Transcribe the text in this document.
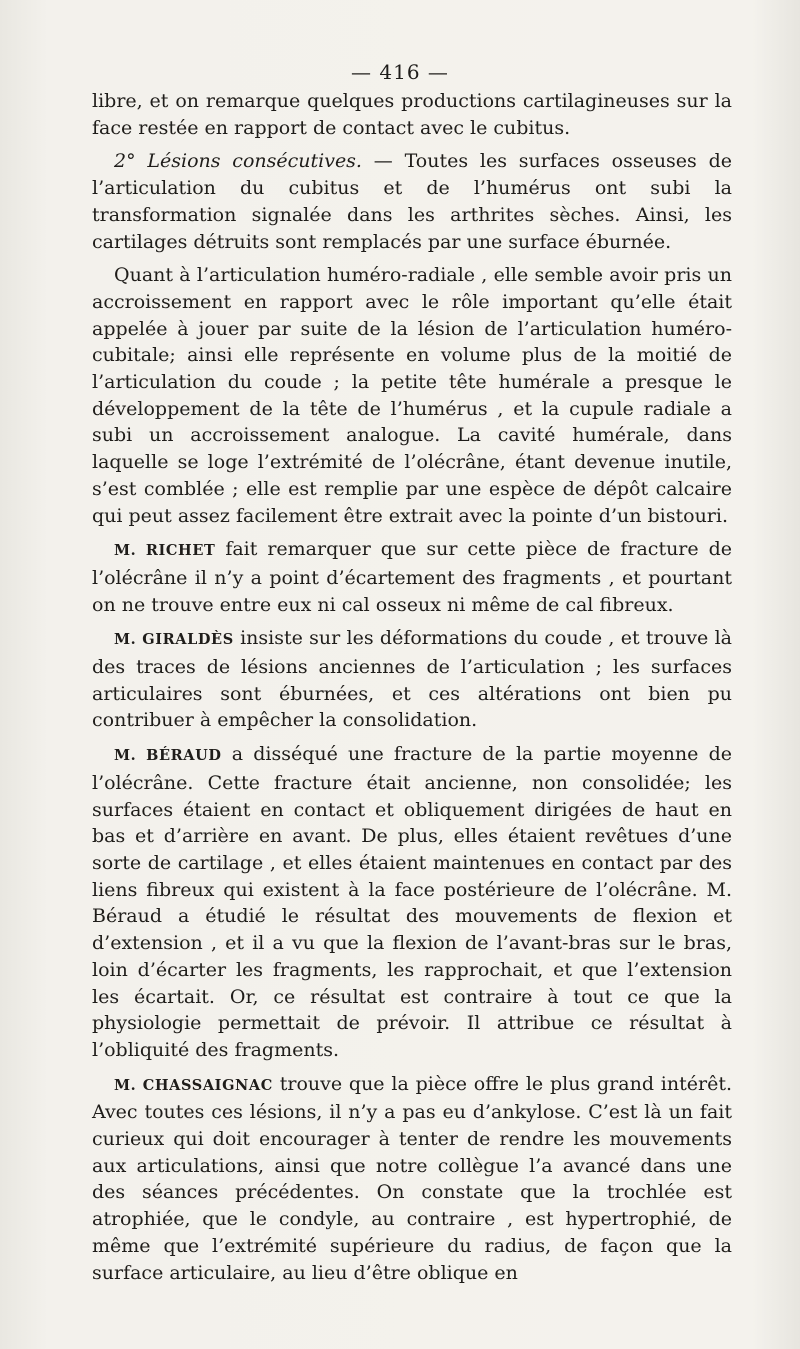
— 416 —

libre, et on remarque quelques productions cartilagineuses sur la face restée en rapport de contact avec le cubitus.

2° Lésions consécutives. — Toutes les surfaces osseuses de l’articulation du cubitus et de l’humérus ont subi la transformation signalée dans les arthrites sèches. Ainsi, les cartilages détruits sont remplacés par une surface éburnée.

Quant à l’articulation huméro-radiale , elle semble avoir pris un accroissement en rapport avec le rôle important qu’elle était appelée à jouer par suite de la lésion de l’articulation huméro-cubitale; ainsi elle représente en volume plus de la moitié de l’articulation du coude ; la petite tête humérale a presque le développement de la tête de l’humérus , et la cupule radiale a subi un accroissement analogue. La cavité humérale, dans laquelle se loge l’extrémité de l’olécrâne, étant devenue inutile, s’est comblée ; elle est remplie par une espèce de dépôt calcaire qui peut assez facilement être extrait avec la pointe d’un bistouri.

M. RICHET fait remarquer que sur cette pièce de fracture de l’olécrâne il n’y a point d’écartement des fragments , et pourtant on ne trouve entre eux ni cal osseux ni même de cal fibreux.

M. GIRALDÈS insiste sur les déformations du coude , et trouve là des traces de lésions anciennes de l’articulation ; les surfaces articulaires sont éburnées, et ces altérations ont bien pu contribuer à empêcher la consolidation.

M. BÉRAUD a disséqué une fracture de la partie moyenne de l’olécrâne. Cette fracture était ancienne, non consolidée; les surfaces étaient en contact et obliquement dirigées de haut en bas et d’arrière en avant. De plus, elles étaient revêtues d’une sorte de cartilage , et elles étaient maintenues en contact par des liens fibreux qui existent à la face postérieure de l’olécrâne. M. Béraud a étudié le résultat des mouvements de flexion et d’extension , et il a vu que la flexion de l’avant-bras sur le bras, loin d’écarter les fragments, les rapprochait, et que l’extension les écartait. Or, ce résultat est contraire à tout ce que la physiologie permettait de prévoir. Il attribue ce résultat à l’obliquité des fragments.

M. CHASSAIGNAC trouve que la pièce offre le plus grand intérêt. Avec toutes ces lésions, il n’y a pas eu d’ankylose. C’est là un fait curieux qui doit encourager à tenter de rendre les mouvements aux articulations, ainsi que notre collègue l’a avancé dans une des séances précédentes. On constate que la trochlée est atrophiée, que le condyle, au contraire , est hypertrophié, de même que l’extrémité supérieure du radius, de façon que la surface articulaire, au lieu d’être oblique en
